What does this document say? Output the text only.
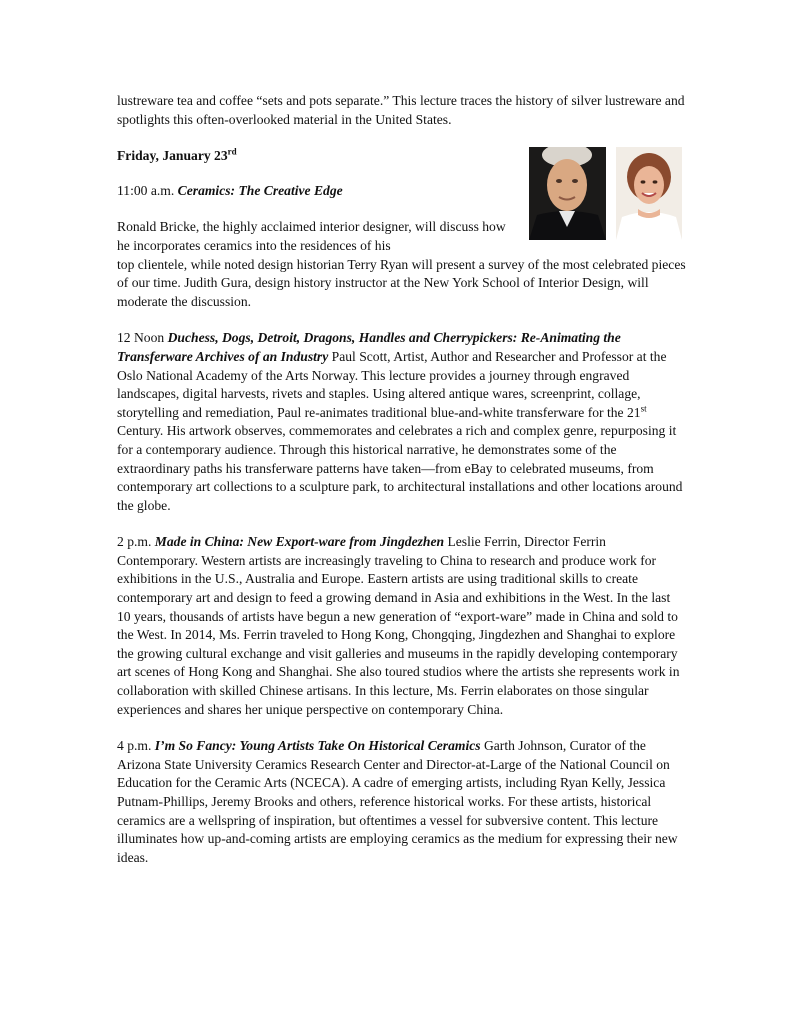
lustreware tea and coffee “sets and pots separate.” This lecture traces the history of silver lustreware and spotlights this often-overlooked material in the United States.

Friday, January 23rd

11:00 a.m. Ceramics: The Creative Edge

Ronald Bricke, the highly acclaimed interior designer, will discuss how he incorporates ceramics into the residences of his
top clientele, while noted design historian Terry Ryan will present a survey of the most celebrated pieces of our time. Judith Gura, design history instructor at the New York School of Interior Design, will moderate the discussion.

12 Noon Duchess, Dogs, Detroit, Dragons, Handles and Cherrypickers: Re-Animating the Transferware Archives of an Industry Paul Scott, Artist, Author and Researcher and Professor at the Oslo National Academy of the Arts Norway. This lecture provides a journey through engraved landscapes, digital harvests, rivets and staples. Using altered antique wares, screenprint, collage, storytelling and remediation, Paul re-animates traditional blue-and-white transferware for the 21st Century. His artwork observes, commemorates and celebrates a rich and complex genre, repurposing it for a contemporary audience. Through this historical narrative, he demonstrates some of the extraordinary paths his transferware patterns have taken—from eBay to celebrated museums, from contemporary art collections to a sculpture park, to architectural installations and other locations around the globe.

2 p.m. Made in China: New Export-ware from Jingdezhen Leslie Ferrin, Director Ferrin Contemporary. Western artists are increasingly traveling to China to research and produce work for exhibitions in the U.S., Australia and Europe. Eastern artists are using traditional skills to create contemporary art and design to feed a growing demand in Asia and exhibitions in the West. In the last 10 years, thousands of artists have begun a new generation of “export-ware” made in China and sold to the West. In 2014, Ms. Ferrin traveled to Hong Kong, Chongqing, Jingdezhen and Shanghai to explore the growing cultural exchange and visit galleries and museums in the rapidly developing contemporary art scenes of Hong Kong and Shanghai. She also toured studios where the artists she represents work in collaboration with skilled Chinese artisans. In this lecture, Ms. Ferrin elaborates on those singular experiences and shares her unique perspective on contemporary China.

4 p.m. I’m So Fancy: Young Artists Take On Historical Ceramics Garth Johnson, Curator of the Arizona State University Ceramics Research Center and Director-at-Large of the National Council on Education for the Ceramic Arts (NCECA). A cadre of emerging artists, including Ryan Kelly, Jessica Putnam-Phillips, Jeremy Brooks and others, reference historical works. For these artists, historical ceramics are a wellspring of inspiration, but oftentimes a vessel for subversive content. This lecture illuminates how up-and-coming artists are employing ceramics as the medium for expressing their new ideas.
